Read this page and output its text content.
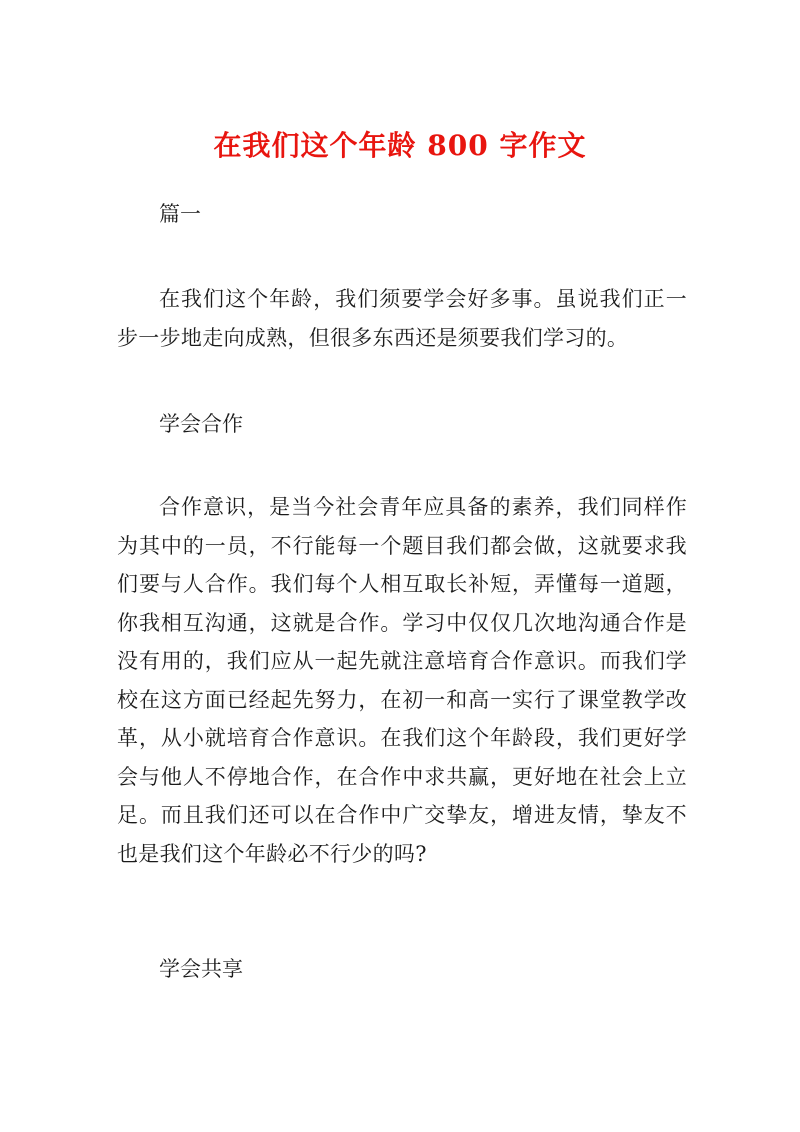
在我们这个年龄 800 字作文

篇一

在我们这个年龄，我们须要学会好多事。虽说我们正一步一步地走向成熟，但很多东西还是须要我们学习的。

学会合作

合作意识，是当今社会青年应具备的素养，我们同样作为其中的一员，不行能每一个题目我们都会做，这就要求我们要与人合作。我们每个人相互取长补短，弄懂每一道题，你我相互沟通，这就是合作。学习中仅仅几次地沟通合作是没有用的，我们应从一起先就注意培育合作意识。而我们学校在这方面已经起先努力，在初一和高一实行了课堂教学改革，从小就培育合作意识。在我们这个年龄段，我们更好学会与他人不停地合作，在合作中求共赢，更好地在社会上立足。而且我们还可以在合作中广交挚友，增进友情，挚友不也是我们这个年龄必不行少的吗?

学会共享
